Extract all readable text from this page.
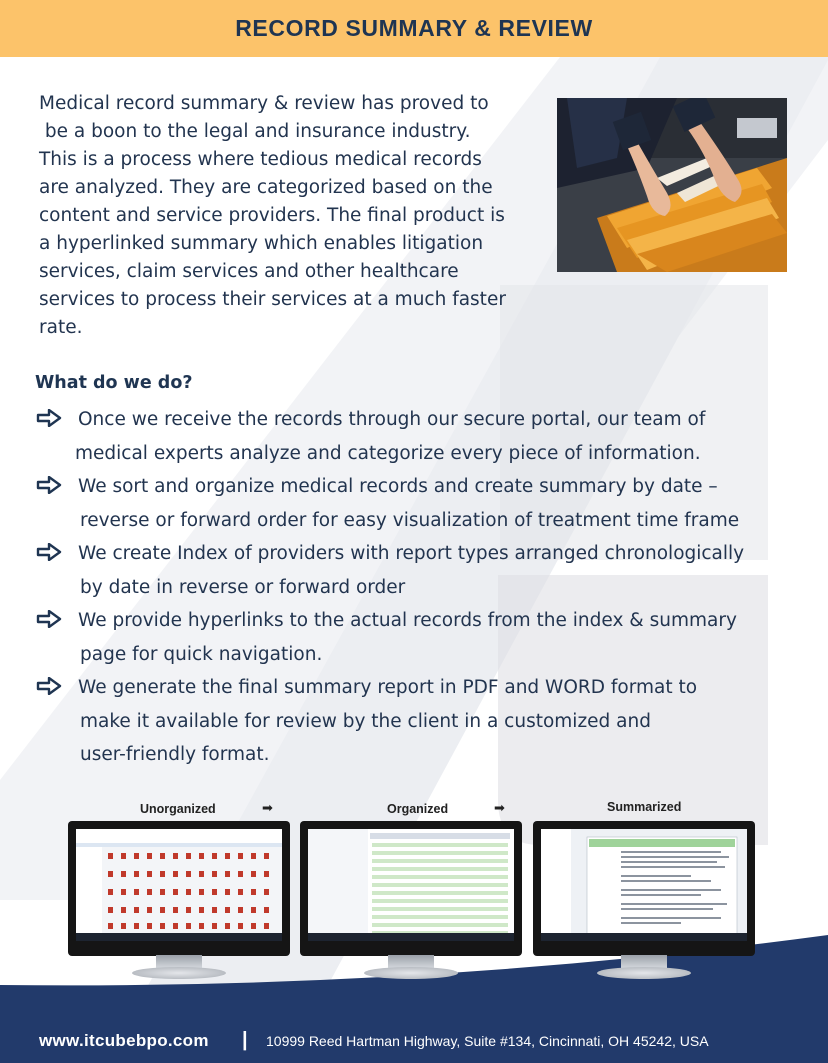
RECORD SUMMARY & REVIEW

Medical record summary & review has proved to

be a boon to the legal and insurance industry.

This is a process where tedious medical records

are analyzed. They are categorized based on the

content and service providers. The final product is

a hyperlinked summary which enables litigation

services, claim services and other healthcare

services to process their services at a much faster

rate.

What do we do?
Once we receive the records through our secure portal, our team of
medical experts analyze and categorize every piece of information.
We sort and organize medical records and create summary by date –
reverse or forward order for easy visualization of treatment time frame
We create Index of providers with report types arranged chronologically
by date in reverse or forward order
We provide hyperlinks to the actual records from the index & summary
page for quick navigation.
We generate the final summary report in PDF and WORD format to
make it available for review by the client in a customized and
user-friendly format.
Unorganized	➡	Organized	➡	Summarized
www.itcubebpo.com | 10999 Reed Hartman Highway, Suite #134, Cincinnati, OH 45242, USA
